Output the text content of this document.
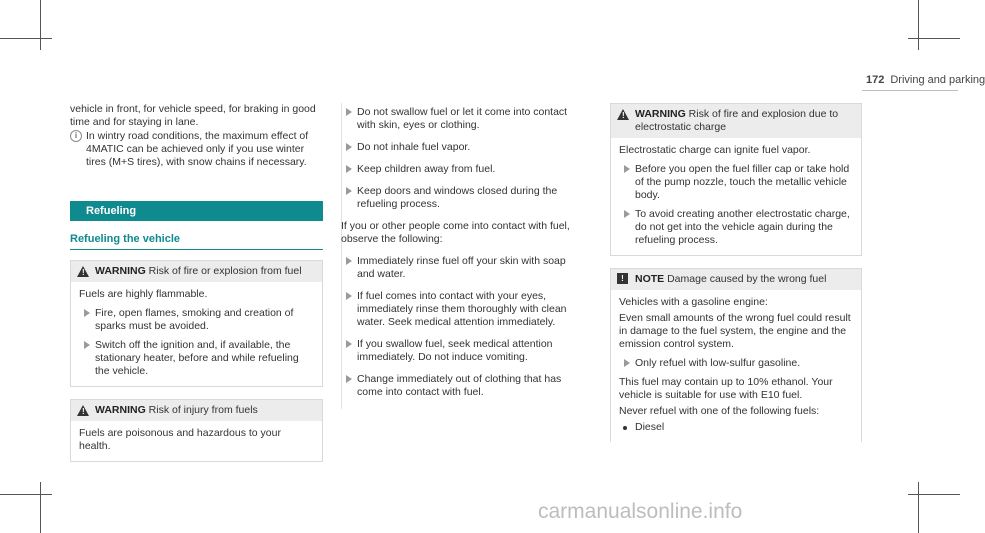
172 Driving and parking

vehicle in front, for vehicle speed, for braking in good time and for staying in lane.

i In wintry road conditions, the maximum effect of 4MATIC can be achieved only if you use winter tires (M+S tires), with snow chains if necessary.

Refueling
Refueling the vehicle
! WARNING Risk of fire or explosion from fuel

Fuels are highly flammable.

Fire, open flames, smoking and creation of sparks must be avoided.

Switch off the ignition and, if available, the stationary heater, before and while refueling the vehicle.

! WARNING Risk of injury from fuels

Fuels are poisonous and hazardous to your health.

Do not swallow fuel or let it come into contact with skin, eyes or clothing.

Do not inhale fuel vapor.

Keep children away from fuel.

Keep doors and windows closed during the refueling process.

If you or other people come into contact with fuel, observe the following:

Immediately rinse fuel off your skin with soap and water.

If fuel comes into contact with your eyes, immediately rinse them thoroughly with clean water. Seek medical attention immediately.

If you swallow fuel, seek medical attention immediately. Do not induce vomiting.

Change immediately out of clothing that has come into contact with fuel.

! WARNING Risk of fire and explosion due to electrostatic charge

Electrostatic charge can ignite fuel vapor.

Before you open the fuel filler cap or take hold of the pump nozzle, touch the metallic vehicle body.

To avoid creating another electrostatic charge, do not get into the vehicle again during the refueling process.

!	NOTE Damage caused by the wrong fuel

Vehicles with a gasoline engine:

Even small amounts of the wrong fuel could result in damage to the fuel system, the engine and the emission control system.

Only refuel with low-sulfur gasoline.

This fuel may contain up to 10% ethanol. Your vehicle is suitable for use with E10 fuel.

Never refuel with one of the following fuels:

Diesel

carmanualsonline.info
